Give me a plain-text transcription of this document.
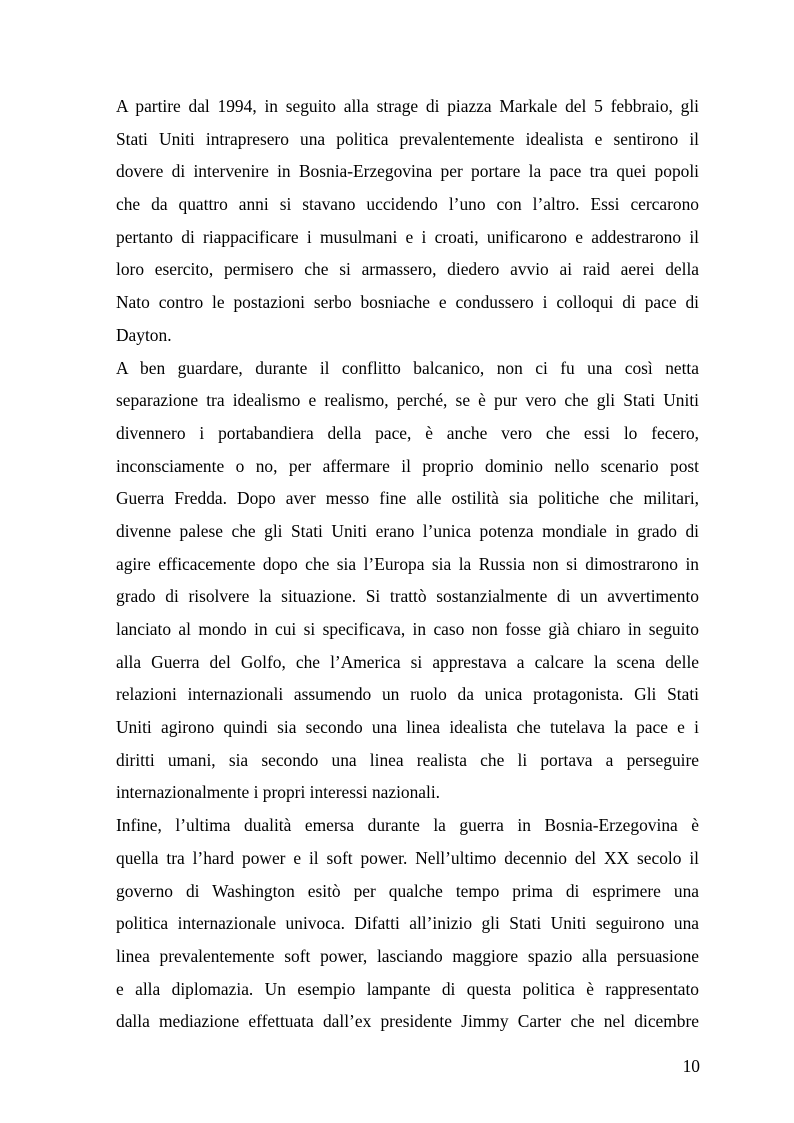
A partire dal 1994, in seguito alla strage di piazza Markale del 5 febbraio, gli
Stati Uniti intrapresero una politica prevalentemente idealista e sentirono il
dovere di intervenire in Bosnia-Erzegovina per portare la pace tra quei popoli
che da quattro anni si stavano uccidendo l’uno con l’altro. Essi cercarono
pertanto di riappacificare i musulmani e i croati, unificarono e addestrarono il
loro esercito, permisero che si armassero, diedero avvio ai raid aerei della
Nato contro le postazioni serbo bosniache e condussero i colloqui di pace di
Dayton.
A ben guardare, durante il conflitto balcanico, non ci fu una così netta
separazione tra idealismo e realismo, perché, se è pur vero che gli Stati Uniti
divennero i portabandiera della pace, è anche vero che essi lo fecero,
inconsciamente o no, per affermare il proprio dominio nello scenario post
Guerra Fredda. Dopo aver messo fine alle ostilità sia politiche che militari,
divenne palese che gli Stati Uniti erano l’unica potenza mondiale in grado di
agire efficacemente dopo che sia l’Europa sia la Russia non si dimostrarono in
grado di risolvere la situazione. Si trattò sostanzialmente di un avvertimento
lanciato al mondo in cui si specificava, in caso non fosse già chiaro in seguito
alla Guerra del Golfo, che l’America si apprestava a calcare la scena delle
relazioni internazionali assumendo un ruolo da unica protagonista. Gli Stati
Uniti agirono quindi sia secondo una linea idealista che tutelava la pace e i
diritti umani, sia secondo una linea realista che li portava a perseguire
internazionalmente i propri interessi nazionali.
Infine, l’ultima dualità emersa durante la guerra in Bosnia-Erzegovina è
quella tra l’hard power e il soft power. Nell’ultimo decennio del XX secolo il
governo di Washington esitò per qualche tempo prima di esprimere una
politica internazionale univoca. Difatti all’inizio gli Stati Uniti seguirono una
linea prevalentemente soft power, lasciando maggiore spazio alla persuasione
e alla diplomazia. Un esempio lampante di questa politica è rappresentato
dalla mediazione effettuata dall’ex presidente Jimmy Carter che nel dicembre
10
